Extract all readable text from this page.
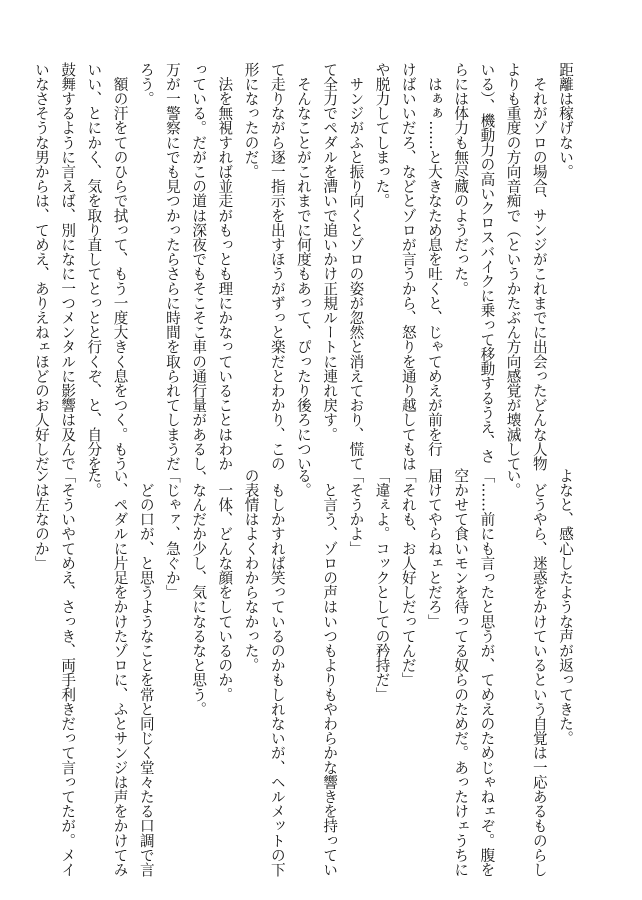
距離は稼げない。
　それがゾロの場合、サンジがこれまでに出会ったどんな人物
よりも重度の方向音痴で（というかたぶん方向感覚が壊滅して
いる）、機動力の高いクロスバイクに乗って移動するうえ、さ
らには体力も無尽蔵のようだった。
　はぁぁ……と大きなため息を吐くと、じゃてめえが前を行
けばいいだろ、などとゾロが言うから、怒りを通り越してもは
や脱力してしまった。
　サンジがふと振り向くとゾロの姿が忽然と消えており、慌て
て全力でペダルを漕いで追いかけ正規ルートに連れ戻す。
　そんなことがこれまでに何度もあって、ぴったり後ろについ
て走りながら逐一指示を出すほうがずっと楽だとわかり、この
形になったのだ。
　法を無視すれば並走がもっとも理にかなっていることはわか
っている。だがこの道は深夜でもそこそこ車の通行量があるし、
万が一警察にでも見つかったらさらに時間を取られてしまうだ
ろう。
　額の汗をてのひらで拭って、もう一度大きく息をつく。もう
いい、とにかく、気を取り直してとっとと行くぞ、と、自分を
鼓舞するように言えば、別になに一つメンタルに影響は及んで
いなさそうな男からは、てめえ、ありえねェほどのお人好しだ
よなと、感心したような声が返ってきた。
　どうやら、迷惑をかけているという自覚は一応あるものらし
い。
「……前にも言ったと思うが、てめえのためじゃねェぞ。腹を
空かせて食いモンを待ってる奴らのためだ。あったけェうちに
届けてやらねェとだろ」
「それも、お人好しだってんだ」
「違ぇよ。コックとしての矜持だ」
「そうかよ」
　と言う、ゾロの声はいつもよりもやわらかな響きを持ってい
る。
　もしかすれば笑っているのかもしれないが、ヘルメットの下
の表情はよくわからなかった。
　一体、どんな顔をしているのか。
　なんだか少し、気になるなと思う。
「じゃァ、急ぐか」
　どの口が、と思うようなことを常と同じく堂々たる口調で言
い、ペダルに片足をかけたゾロに、ふとサンジは声をかけてみ
た。
「そういやてめえ、さっき、両手利きだって言ってたが。メイ
ンは左なのか」
